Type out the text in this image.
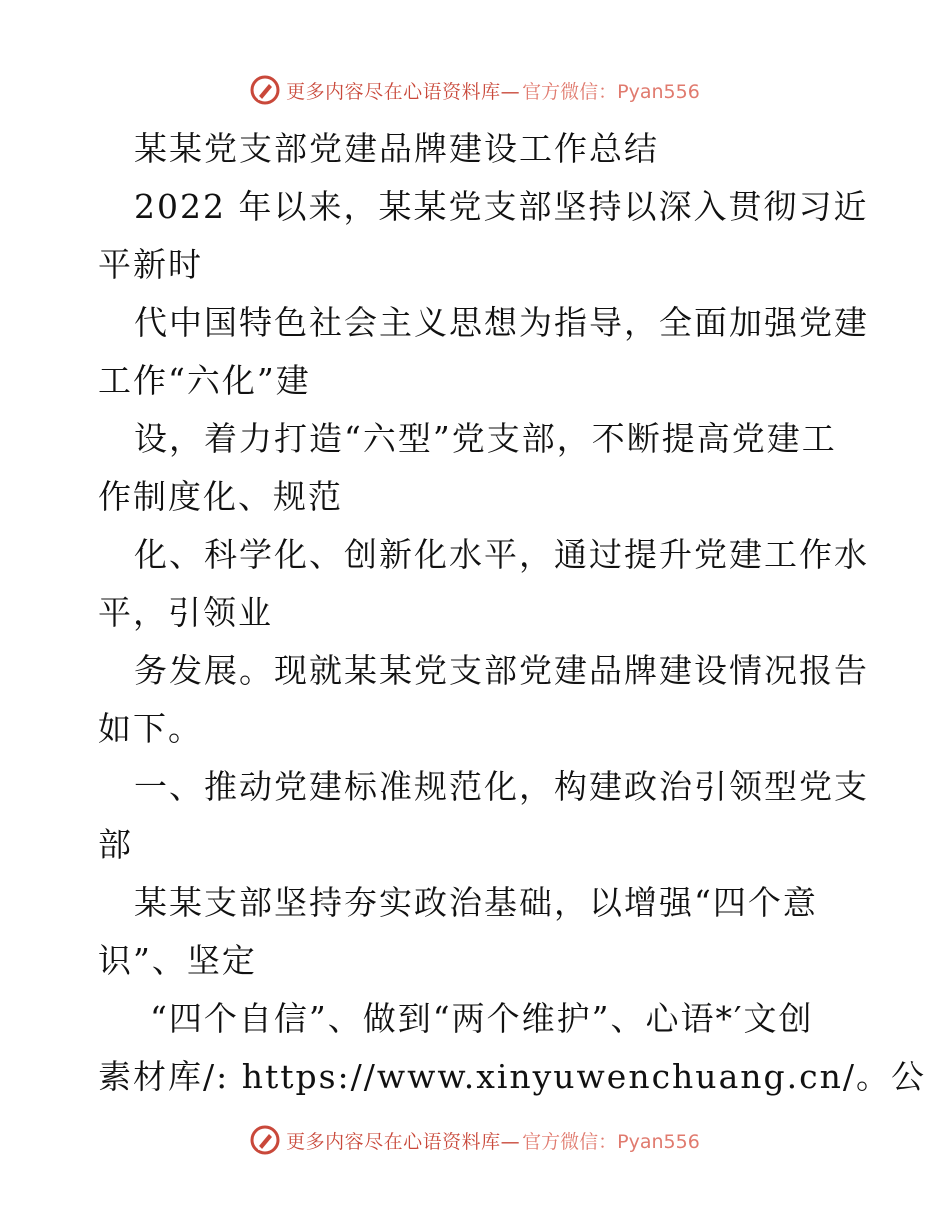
更多内容尽在心语资料库— 官方微信：Pyan556
某某党支部党建品牌建设工作总结
2022 年以来，某某党支部坚持以深入贯彻习近
平新时
代中国特色社会主义思想为指导，全面加强党建
工作“六化”建
设，着力打造“六型”党支部，不断提高党建工
作制度化、规范
化、科学化、创新化水平，通过提升党建工作水
平，引领业
务发展。现就某某党支部党建品牌建设情况报告
如下。
一、推动党建标准规范化，构建政治引领型党支
部
某某支部坚持夯实政治基础，以增强“四个意
识”、坚定
“四个自信”、做到“两个维护”、心语*′文创
素材库/: https://www.xinyuwenchuang.cn/。公
更多内容尽在心语资料库— 官方微信：Pyan556
